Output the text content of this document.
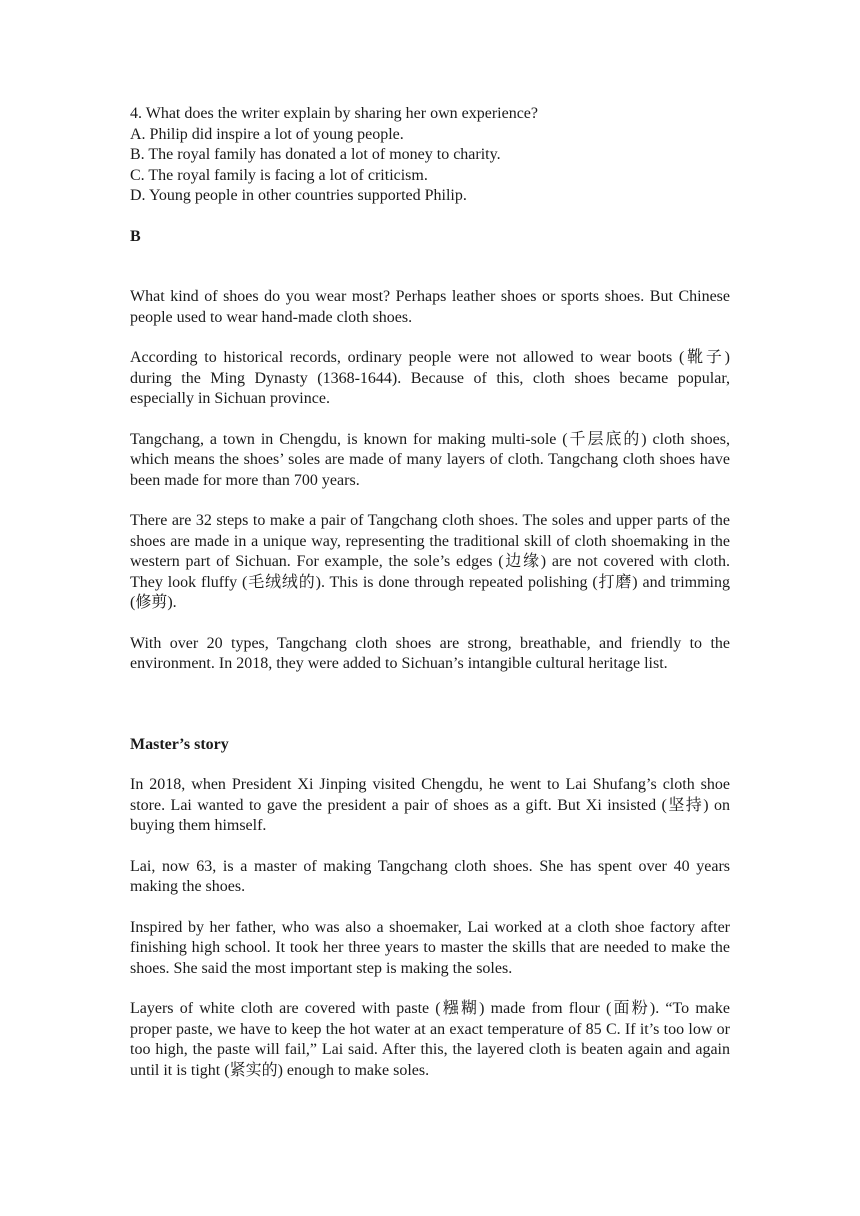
4. What does the writer explain by sharing her own experience?
A. Philip did inspire a lot of young people.
B. The royal family has donated a lot of money to charity.
C. The royal family is facing a lot of criticism.
D. Young people in other countries supported Philip.
B

What kind of shoes do you wear most? Perhaps leather shoes or sports shoes. But Chinese people used to wear hand-made cloth shoes.

According to historical records, ordinary people were not allowed to wear boots (靴子) during the Ming Dynasty (1368-1644). Because of this, cloth shoes became popular, especially in Sichuan province.

Tangchang, a town in Chengdu, is known for making multi-sole (千层底的) cloth shoes, which means the shoes’ soles are made of many layers of cloth. Tangchang cloth shoes have been made for more than 700 years.

There are 32 steps to make a pair of Tangchang cloth shoes. The soles and upper parts of the shoes are made in a unique way, representing the traditional skill of cloth shoemaking in the western part of Sichuan. For example, the sole’s edges (边缘) are not covered with cloth. They look fluffy (毛绒绒的). This is done through repeated polishing (打磨) and trimming (修剪).

With over 20 types, Tangchang cloth shoes are strong, breathable, and friendly to the environment. In 2018, they were added to Sichuan’s intangible cultural heritage list.

Master’s story

In 2018, when President Xi Jinping visited Chengdu, he went to Lai Shufang’s cloth shoe store. Lai wanted to gave the president a pair of shoes as a gift. But Xi insisted (坚持) on buying them himself.

Lai, now 63, is a master of making Tangchang cloth shoes. She has spent over 40 years making the shoes.

Inspired by her father, who was also a shoemaker, Lai worked at a cloth shoe factory after finishing high school. It took her three years to master the skills that are needed to make the shoes. She said the most important step is making the soles.

Layers of white cloth are covered with paste (糨糊) made from flour (面粉). “To make proper paste, we have to keep the hot water at an exact temperature of 85 C. If it’s too low or too high, the paste will fail,” Lai said. After this, the layered cloth is beaten again and again until it is tight (紧实的) enough to make soles.
